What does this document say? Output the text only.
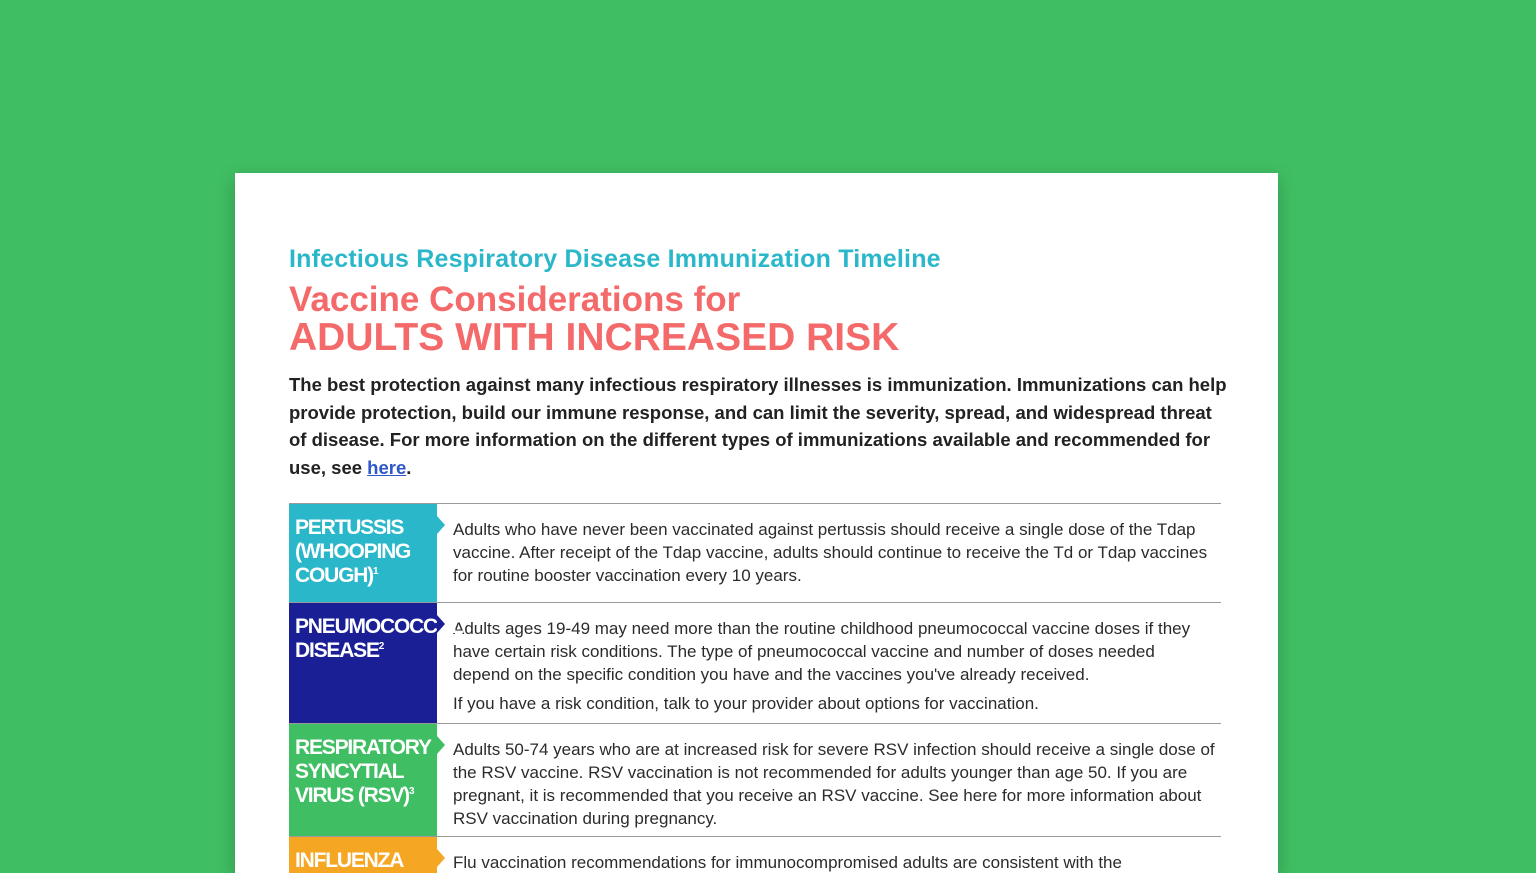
Infectious Respiratory Disease Immunization Timeline
Vaccine Considerations for
ADULTS WITH INCREASED RISK
The best protection against many infectious respiratory illnesses is immunization. Immunizations can help provide protection, build our immune response, and can limit the severity, spread, and widespread threat of disease. For more information on the different types of immunizations available and recommended for use, see here.
PERTUSSIS (WHOOPING COUGH)$^1$

Adults who have never been vaccinated against pertussis should receive a single dose of the Tdap vaccine. After receipt of the Tdap vaccine, adults should continue to receive the Td or Tdap vaccines for routine booster vaccination every 10 years.

PNEUMOCOCCAL DISEASE$^2$

Adults ages 19-49 may need more than the routine childhood pneumococcal vaccine doses if they have certain risk conditions. The type of pneumococcal vaccine and number of doses needed depend on the specific condition you have and the vaccines you've already received.

If you have a risk condition, talk to your provider about options for vaccination.

RESPIRATORY SYNCYTIAL VIRUS (RSV)$^3$

Adults 50-74 years who are at increased risk for severe RSV infection should receive a single dose of the RSV vaccine. RSV vaccination is not recommended for adults younger than age 50. If you are pregnant, it is recommended that you receive an RSV vaccine. See here for more information about RSV vaccination during pregnancy.

INFLUENZA	Flu vaccination recommendations for immunocompromised adults are consistent with the
